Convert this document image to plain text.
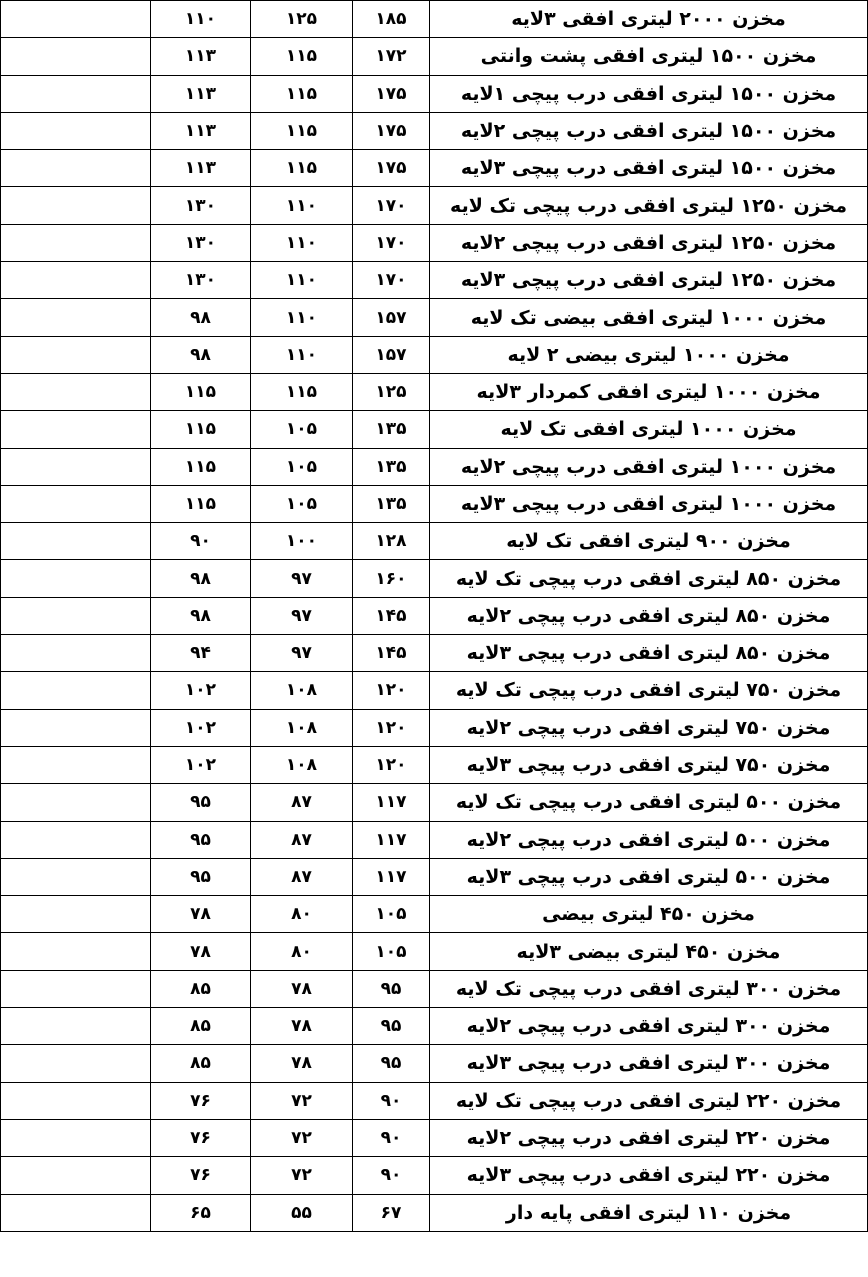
مخزن ۲۰۰۰ لیتری افقی ۳لایه	۱۸۵	۱۲۵	۱۱۰	
مخزن ۱۵۰۰ لیتری افقی پشت وانتی	۱۷۲	۱۱۵	۱۱۳	
مخزن ۱۵۰۰ لیتری افقی درب پیچی ۱لایه	۱۷۵	۱۱۵	۱۱۳	
مخزن ۱۵۰۰ لیتری افقی درب پیچی ۲لایه	۱۷۵	۱۱۵	۱۱۳	
مخزن ۱۵۰۰ لیتری افقی درب پیچی ۳لایه	۱۷۵	۱۱۵	۱۱۳	
مخزن ۱۲۵۰ لیتری افقی درب پیچی تک لایه	۱۷۰	۱۱۰	۱۳۰	
مخزن ۱۲۵۰ لیتری افقی درب پیچی ۲لایه	۱۷۰	۱۱۰	۱۳۰	
مخزن ۱۲۵۰ لیتری افقی درب پیچی ۳لایه	۱۷۰	۱۱۰	۱۳۰	
مخزن ۱۰۰۰ لیتری افقی بیضی تک لایه	۱۵۷	۱۱۰	۹۸	
مخزن ۱۰۰۰ لیتری بیضی ۲ لایه	۱۵۷	۱۱۰	۹۸	
مخزن ۱۰۰۰ لیتری افقی کمردار ۳لایه	۱۲۵	۱۱۵	۱۱۵	
مخزن ۱۰۰۰ لیتری افقی تک لایه	۱۳۵	۱۰۵	۱۱۵	
مخزن ۱۰۰۰ لیتری افقی درب پیچی ۲لایه	۱۳۵	۱۰۵	۱۱۵	
مخزن ۱۰۰۰ لیتری افقی درب پیچی ۳لایه	۱۳۵	۱۰۵	۱۱۵	
مخزن ۹۰۰ لیتری افقی تک لایه	۱۲۸	۱۰۰	۹۰	
مخزن ۸۵۰ لیتری افقی درب پیچی تک لایه	۱۶۰	۹۷	۹۸	
مخزن ۸۵۰ لیتری افقی درب پیچی ۲لایه	۱۴۵	۹۷	۹۸	
مخزن ۸۵۰ لیتری افقی درب پیچی ۳لایه	۱۴۵	۹۷	۹۴	
مخزن ۷۵۰ لیتری افقی درب پیچی تک لایه	۱۲۰	۱۰۸	۱۰۲	
مخزن ۷۵۰ لیتری افقی درب پیچی ۲لایه	۱۲۰	۱۰۸	۱۰۲	
مخزن ۷۵۰ لیتری افقی درب پیچی ۳لایه	۱۲۰	۱۰۸	۱۰۲	
مخزن ۵۰۰ لیتری افقی درب پیچی تک لایه	۱۱۷	۸۷	۹۵	
مخزن ۵۰۰ لیتری افقی درب پیچی ۲لایه	۱۱۷	۸۷	۹۵	
مخزن ۵۰۰ لیتری افقی درب پیچی ۳لایه	۱۱۷	۸۷	۹۵	
مخزن ۴۵۰ لیتری بیضی	۱۰۵	۸۰	۷۸	
مخزن ۴۵۰ لیتری بیضی ۳لایه	۱۰۵	۸۰	۷۸	
مخزن ۳۰۰ لیتری افقی درب پیچی تک لایه	۹۵	۷۸	۸۵	
مخزن ۳۰۰ لیتری افقی درب پیچی ۲لایه	۹۵	۷۸	۸۵	
مخزن ۳۰۰ لیتری افقی درب پیچی ۳لایه	۹۵	۷۸	۸۵	
مخزن ۲۲۰ لیتری افقی درب پیچی تک لایه	۹۰	۷۲	۷۶	
مخزن ۲۲۰ لیتری افقی درب پیچی ۲لایه	۹۰	۷۲	۷۶	
مخزن ۲۲۰ لیتری افقی درب پیچی ۳لایه	۹۰	۷۲	۷۶	
مخزن ۱۱۰ لیتری افقی پایه دار	۶۷	۵۵	۶۵	
